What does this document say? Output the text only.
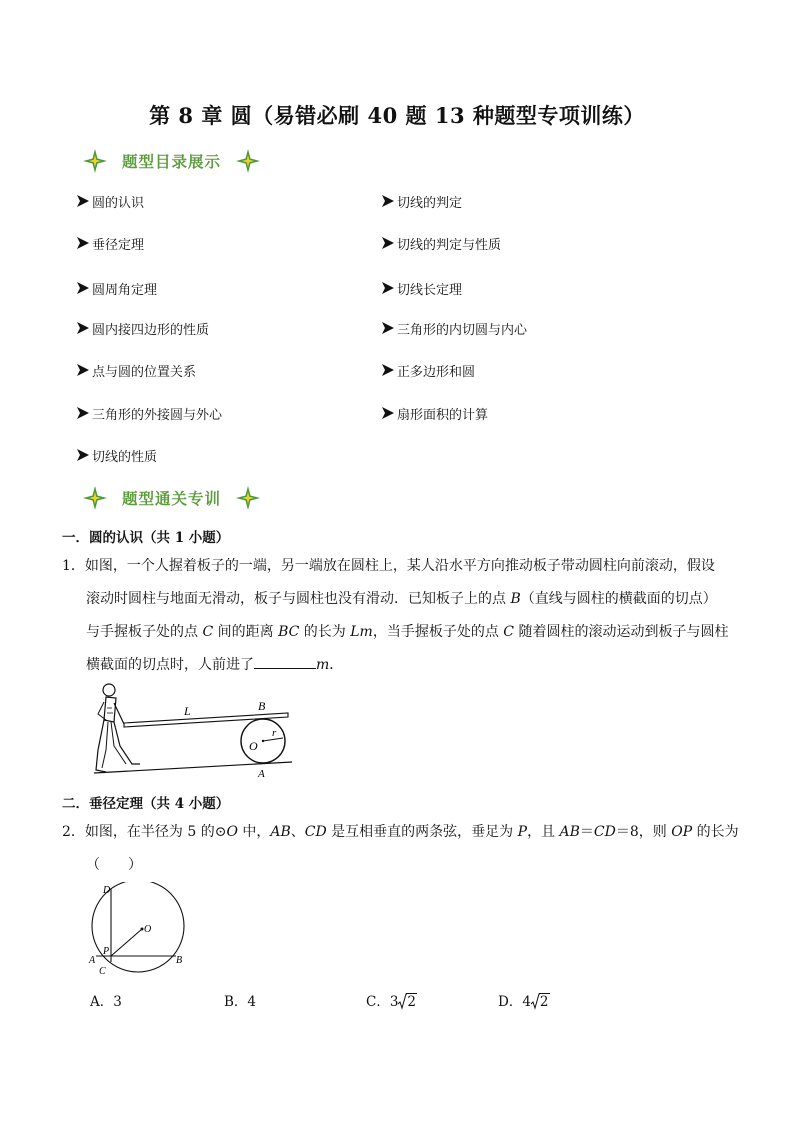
第 8 章 圆（易错必刷 40 题 13 种题型专项训练）
题型目录展示
圆的认识
垂径定理
圆周角定理
圆内接四边形的性质
点与圆的位置关系
三角形的外接圆与外心
切线的性质
切线的判定
切线的判定与性质
切线长定理
三角形的内切圆与内心
正多边形和圆
扇形面积的计算
题型通关专训
一．圆的认识（共 1 小题）
1．如图，一个人握着板子的一端，另一端放在圆柱上，某人沿水平方向推动板子带动圆柱向前滚动，假设
滚动时圆柱与地面无滑动，板子与圆柱也没有滑动．已知板子上的点 B（直线与圆柱的横截面的切点）
与手握板子处的点 C 间的距离 BC 的长为 Lm，当手握板子处的点 C 随着圆柱的滚动运动到板子与圆柱
横截面的切点时，人前进了	m．
L	B
O
r
A
二．垂径定理（共 4 小题）
2．如图，在半径为 5 的⊙O 中，AB、CD 是互相垂直的两条弦，垂足为 P，且 AB＝CD＝8，则 OP 的长为
（　　）
D
O
P
A	B
C
A．3	B．4	C．3 2	D．4 2
